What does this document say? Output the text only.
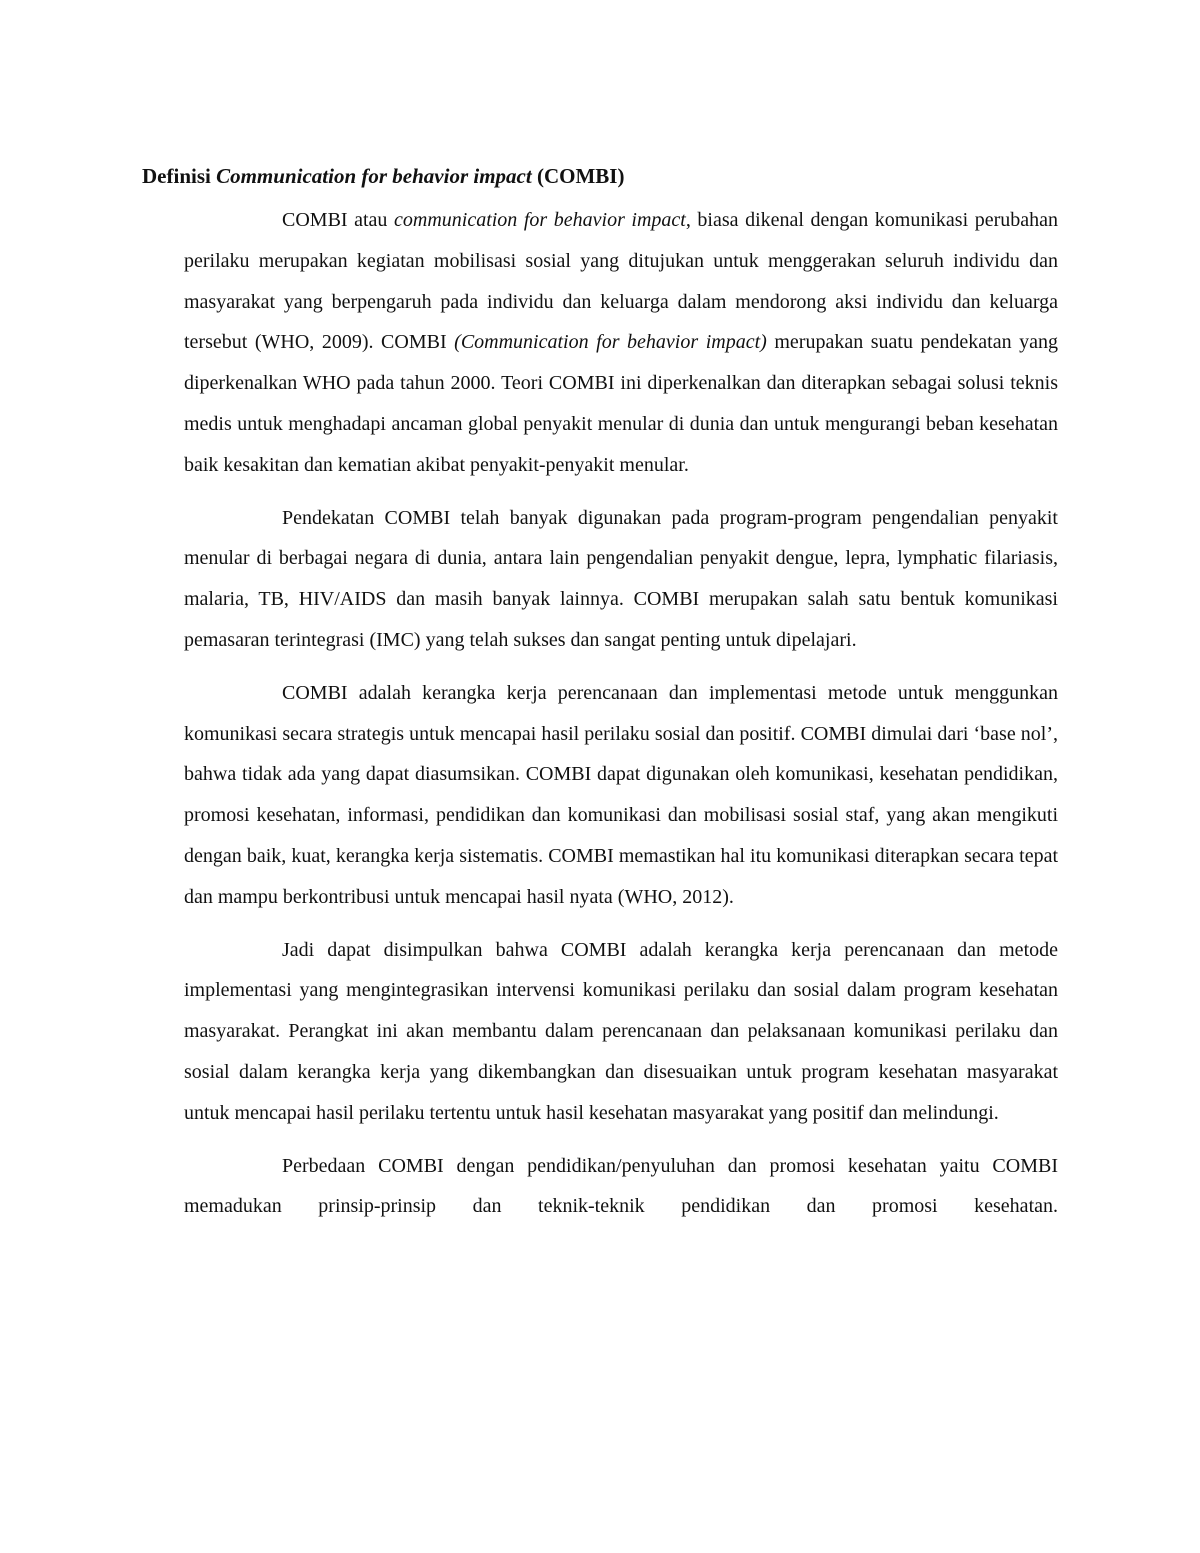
Definisi Communication for behavior impact (COMBI)

COMBI atau communication for behavior impact, biasa dikenal dengan komunikasi perubahan perilaku merupakan kegiatan mobilisasi sosial yang ditujukan untuk menggerakan seluruh individu dan masyarakat yang berpengaruh pada individu dan keluarga dalam mendorong aksi individu dan keluarga tersebut (WHO, 2009). COMBI (Communication for behavior impact) merupakan suatu pendekatan yang diperkenalkan WHO pada tahun 2000. Teori COMBI ini diperkenalkan dan diterapkan sebagai solusi teknis medis untuk menghadapi ancaman global penyakit menular di dunia dan untuk mengurangi beban kesehatan baik kesakitan dan kematian akibat penyakit-penyakit menular.

Pendekatan COMBI telah banyak digunakan pada program-program pengendalian penyakit menular di berbagai negara di dunia, antara lain pengendalian penyakit dengue, lepra, lymphatic filariasis, malaria, TB, HIV/AIDS dan masih banyak lainnya. COMBI merupakan salah satu bentuk komunikasi pemasaran terintegrasi (IMC) yang telah sukses dan sangat penting untuk dipelajari.

COMBI adalah kerangka kerja perencanaan dan implementasi metode untuk menggunkan komunikasi secara strategis untuk mencapai hasil perilaku sosial dan positif. COMBI dimulai dari ‘base nol’, bahwa tidak ada yang dapat diasumsikan. COMBI dapat digunakan oleh komunikasi, kesehatan pendidikan, promosi kesehatan, informasi, pendidikan dan komunikasi dan mobilisasi sosial staf, yang akan mengikuti dengan baik, kuat, kerangka kerja sistematis. COMBI memastikan hal itu komunikasi diterapkan secara tepat dan mampu berkontribusi untuk mencapai hasil nyata (WHO, 2012).

Jadi dapat disimpulkan bahwa COMBI adalah kerangka kerja perencanaan dan metode implementasi yang mengintegrasikan intervensi komunikasi perilaku dan sosial dalam program kesehatan masyarakat. Perangkat ini akan membantu dalam perencanaan dan pelaksanaan komunikasi perilaku dan sosial dalam kerangka kerja yang dikembangkan dan disesuaikan untuk program kesehatan masyarakat untuk mencapai hasil perilaku tertentu untuk hasil kesehatan masyarakat yang positif dan melindungi.

Perbedaan COMBI dengan pendidikan/penyuluhan dan promosi kesehatan yaitu COMBI memadukan prinsip-prinsip dan teknik-teknik pendidikan dan promosi kesehatan.
